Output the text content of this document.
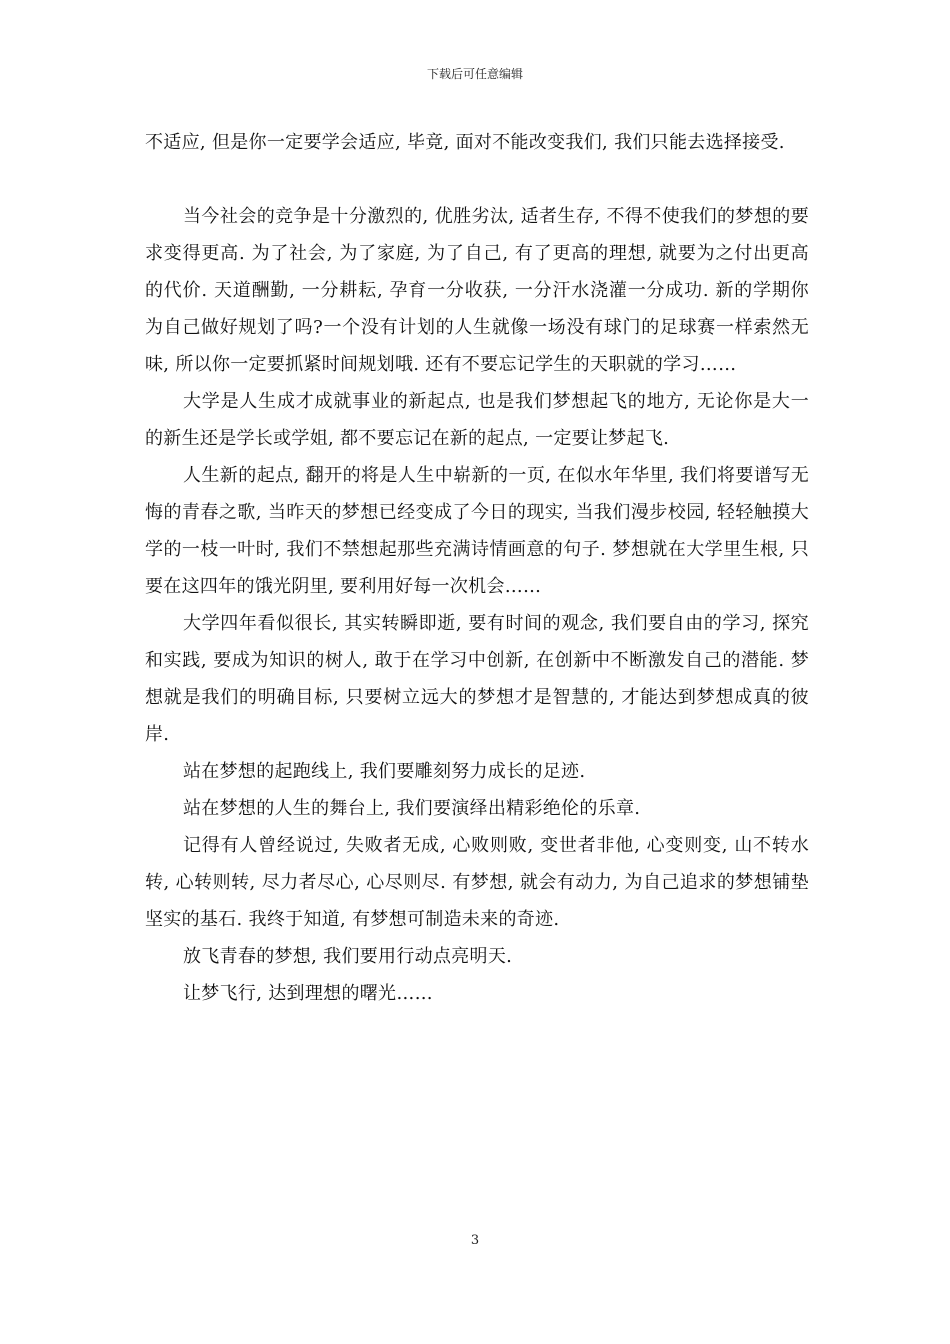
下载后可任意编辑

不适应, 但是你一定要学会适应, 毕竟, 面对不能改变我们, 我们只能去选择接受.

当今社会的竞争是十分激烈的, 优胜劣汰, 适者生存, 不得不使我们的梦想的要求变得更高. 为了社会, 为了家庭, 为了自己, 有了更高的理想, 就要为之付出更高的代价. 天道酬勤, 一分耕耘, 孕育一分收获, 一分汗水浇灌一分成功. 新的学期你为自己做好规划了吗?一个没有计划的人生就像一场没有球门的足球赛一样索然无味, 所以你一定要抓紧时间规划哦. 还有不要忘记学生的天职就的学习……

大学是人生成才成就事业的新起点, 也是我们梦想起飞的地方, 无论你是大一的新生还是学长或学姐, 都不要忘记在新的起点, 一定要让梦起飞.

人生新的起点, 翻开的将是人生中崭新的一页, 在似水年华里, 我们将要谱写无悔的青春之歌, 当昨天的梦想已经变成了今日的现实, 当我们漫步校园, 轻轻触摸大学的一枝一叶时, 我们不禁想起那些充满诗情画意的句子. 梦想就在大学里生根, 只要在这四年的饿光阴里, 要利用好每一次机会……

大学四年看似很长, 其实转瞬即逝, 要有时间的观念, 我们要自由的学习, 探究和实践, 要成为知识的树人, 敢于在学习中创新, 在创新中不断激发自己的潜能. 梦想就是我们的明确目标, 只要树立远大的梦想才是智慧的, 才能达到梦想成真的彼岸.

站在梦想的起跑线上, 我们要雕刻努力成长的足迹.

站在梦想的人生的舞台上, 我们要演绎出精彩绝伦的乐章.

记得有人曾经说过, 失败者无成, 心败则败, 变世者非他, 心变则变, 山不转水转, 心转则转, 尽力者尽心, 心尽则尽. 有梦想, 就会有动力, 为自己追求的梦想铺垫坚实的基石. 我终于知道, 有梦想可制造未来的奇迹.

放飞青春的梦想, 我们要用行动点亮明天.

让梦飞行, 达到理想的曙光……

3
